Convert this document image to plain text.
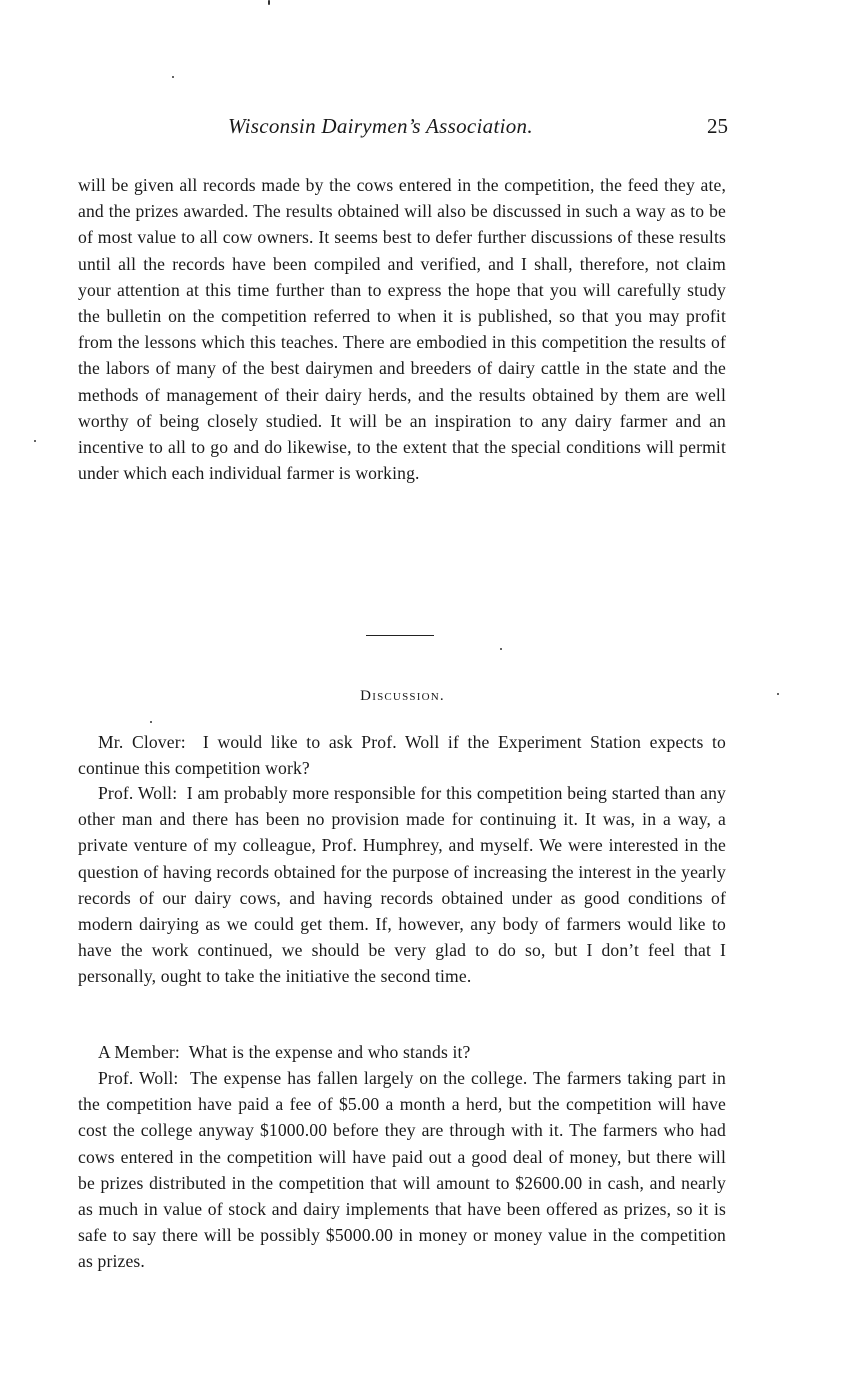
Wisconsin Dairymen’s Association.	25

will be given all records made by the cows entered in the competition, the feed they ate, and the prizes awarded. The results obtained will also be discussed in such a way as to be of most value to all cow owners. It seems best to defer further discussions of these results until all the records have been compiled and verified, and I shall, therefore, not claim your attention at this time further than to express the hope that you will carefully study the bulletin on the competition referred to when it is published, so that you may profit from the lessons which this teaches. There are embodied in this competition the results of the labors of many of the best dairymen and breeders of dairy cattle in the state and the methods of management of their dairy herds, and the results obtained by them are well worthy of being closely studied. It will be an inspiration to any dairy farmer and an incentive to all to go and do likewise, to the extent that the special conditions will permit under which each individual farmer is working.

Discussion.

Mr. Clover: I would like to ask Prof. Woll if the Experiment Station expects to continue this competition work?

Prof. Woll: I am probably more responsible for this competition being started than any other man and there has been no provision made for continuing it. It was, in a way, a private venture of my colleague, Prof. Humphrey, and myself. We were interested in the question of having records obtained for the purpose of increasing the interest in the yearly records of our dairy cows, and having records obtained under as good conditions of modern dairying as we could get them. If, however, any body of farmers would like to have the work continued, we should be very glad to do so, but I don’t feel that I personally, ought to take the initiative the second time.

A Member: What is the expense and who stands it?

Prof. Woll: The expense has fallen largely on the college. The farmers taking part in the competition have paid a fee of $5.00 a month a herd, but the competition will have cost the college anyway $1000.00 before they are through with it. The farmers who had cows entered in the competition will have paid out a good deal of money, but there will be prizes distributed in the competition that will amount to $2600.00 in cash, and nearly as much in value of stock and dairy implements that have been offered as prizes, so it is safe to say there will be possibly $5000.00 in money or money value in the competition as prizes.
